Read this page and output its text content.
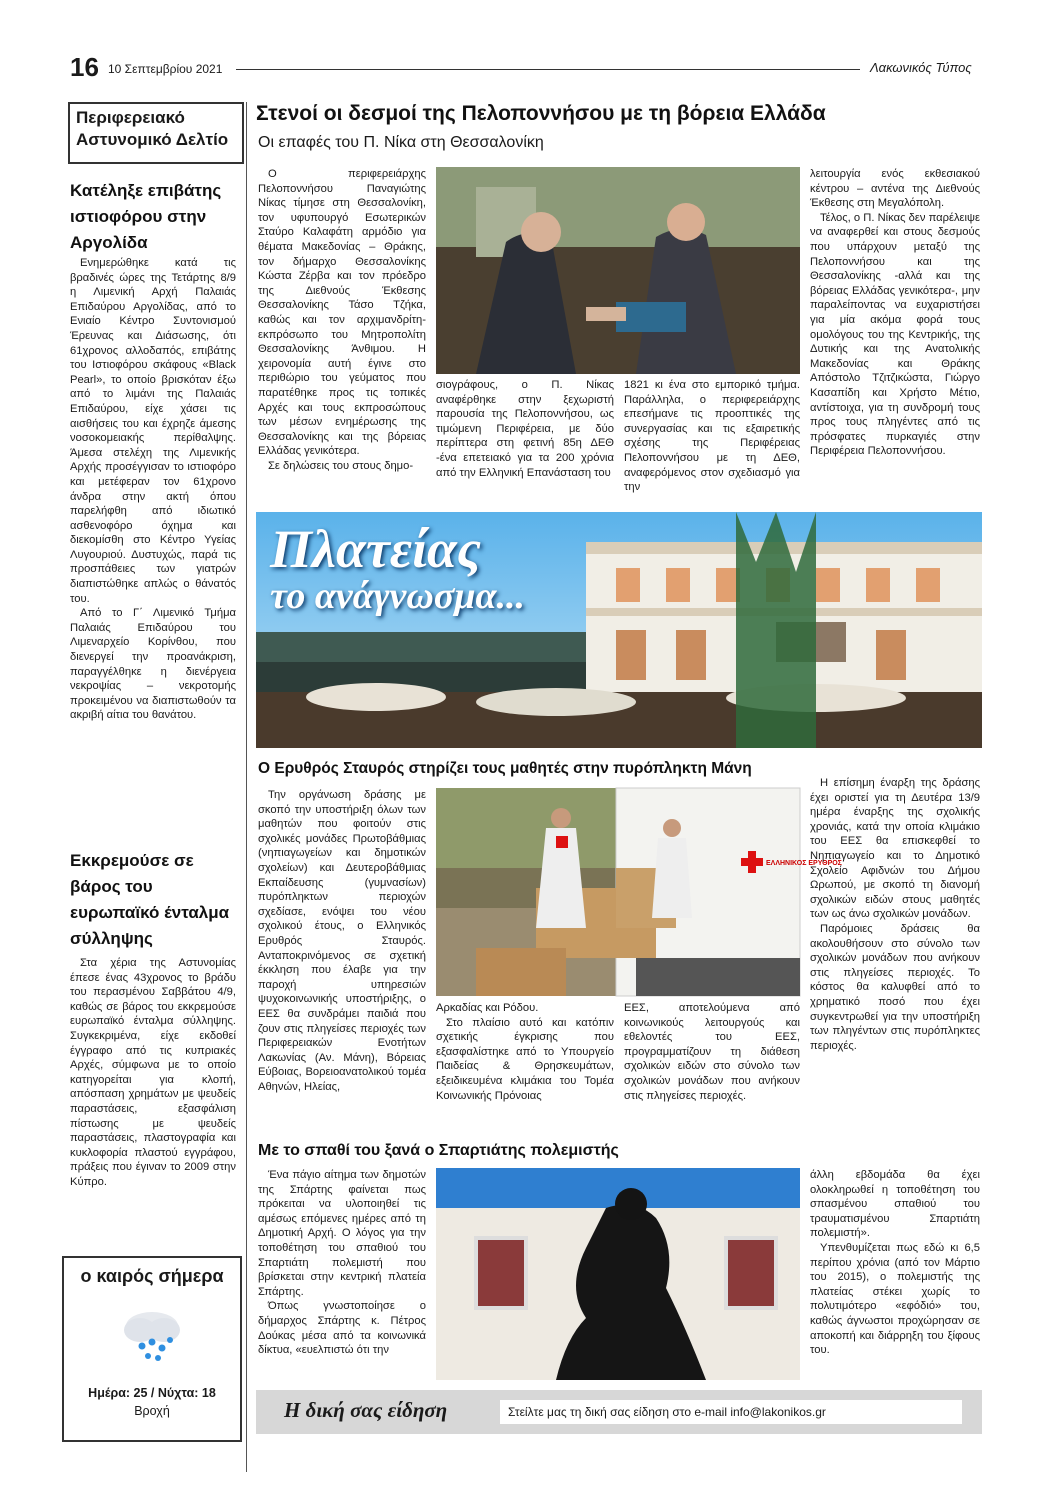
16 10 Σεπτεμβρίου 2021	Λακωνικός Τύπος
Περιφερειακό
Αστυνομικό Δελτίο
Κατέληξε επιβάτης ιστιοφόρου στην Αργολίδα

Ενημερώθηκε κατά τις βραδινές ώρες της Τετάρτης 8/9 η Λιμενική Αρχή Παλαιάς Επιδαύρου Αργολίδας, από το Ενιαίο Κέντρο Συντονισμού Έρευνας και Διάσωσης, ότι 61χρονος αλλοδαπός, επιβάτης του Ιστιοφόρου σκάφους «Black Pearl», το οποίο βρισκόταν έξω από το λιμάνι της Παλαιάς Επιδαύρου, είχε χάσει τις αισθήσεις του και έχρηζε άμεσης νοσοκομειακής περίθαλψης. Άμεσα στελέχη της Λιμενικής Αρχής προσέγγισαν το ιστιοφόρο και μετέφεραν τον 61χρονο άνδρα στην ακτή όπου παρελήφθη από ιδιωτικό ασθενοφόρο όχημα και διεκομίσθη στο Κέντρο Υγείας Λυγουριού. Δυστυχώς, παρά τις προσπάθειες των γιατρών διαπιστώθηκε απλώς ο θάνατός του.

Από το Γ΄ Λιμενικό Τμήμα Παλαιάς Επιδαύρου του Λιμεναρχείο Κορίνθου, που διενεργεί την προανάκριση, παραγγέλθηκε η διενέργεια νεκροψίας – νεκροτομής προκειμένου να διαπιστωθούν τα ακριβή αίτια του θανάτου.

Εκκρεμούσε σε βάρος του ευρωπαϊκό ένταλμα σύλληψης

Στα χέρια της Αστυνομίας έπεσε ένας 43χρονος το βράδυ του περασμένου Σαββάτου 4/9, καθώς σε βάρος του εκκρεμούσε ευρωπαϊκό ένταλμα σύλληψης. Συγκεκριμένα, είχε εκδοθεί έγγραφο από τις κυπριακές Αρχές, σύμφωνα με το οποίο κατηγορείται για κλοπή, απόσπαση χρημάτων με ψευδείς παραστάσεις, εξασφάλιση πίστωσης με ψευδείς παραστάσεις, πλαστογραφία και κυκλοφορία πλαστού εγγράφου, πράξεις που έγιναν το 2009 στην Κύπρο.

ο καιρός σήμερα
Ημέρα: 25 / Νύχτα: 18
Βροχή
Στενοί οι δεσμοί της Πελοποννήσου με τη βόρεια Ελλάδα
Οι επαφές του Π. Νίκα στη Θεσσαλονίκη

Ο περιφερειάρχης Πελοποννήσου Παναγιώτης Νίκας τίμησε στη Θεσσαλονίκη, τον υφυπουργό Εσωτερικών Σταύρο Καλαφάτη αρμόδιο για θέματα Μακεδονίας – Θράκης, τον δήμαρχο Θεσσαλονίκης Κώστα Ζέρβα και τον πρόεδρο της Διεθνούς Έκθεσης Θεσσαλονίκης Τάσο Τζήκα, καθώς και τον αρχιμανδρίτη-εκπρόσωπο του Μητροπολίτη Θεσσαλονίκης Άνθιμου. Η χειρονομία αυτή έγινε στο περιθώριο του γεύματος που παρατέθηκε προς τις τοπικές Αρχές και τους εκπροσώπους των μέσων ενημέρωσης της Θεσσαλονίκης και της βόρειας Ελλάδας γενικότερα.

Σε δηλώσεις του στους δημο-

σιογράφους, ο Π. Νίκας αναφέρθηκε στην ξεχωριστή παρουσία της Πελοποννήσου, ως τιμώμενη Περιφέρεια, με δύο περίπτερα στη φετινή 85η ΔΕΘ -ένα επετειακό για τα 200 χρόνια από την Ελληνική Επανάσταση του

1821 κι ένα στο εμπορικό τμήμα. Παράλληλα, ο περιφερειάρχης επεσήμανε τις προοπτικές της συνεργασίας και τις εξαιρετικής σχέσης της Περιφέρειας Πελοποννήσου με τη ΔΕΘ, αναφερόμενος στον σχεδιασμό για την

λειτουργία ενός εκθεσιακού κέντρου – αντένα της Διεθνούς Έκθεσης στη Μεγαλόπολη.

Τέλος, ο Π. Νίκας δεν παρέλειψε να αναφερθεί και στους δεσμούς που υπάρχουν μεταξύ της Πελοποννήσου και της Θεσσαλονίκης -αλλά και της βόρειας Ελλάδας γενικότερα-, μην παραλείποντας να ευχαριστήσει για μία ακόμα φορά τους ομολόγους του της Κεντρικής, της Δυτικής και της Ανατολικής Μακεδονίας και Θράκης Απόστολο Τζιτζικώστα, Γιώργο Κασαπίδη και Χρήστο Μέτιο, αντίστοιχα, για τη συνδρομή τους προς τους πληγέντες από τις πρόσφατες πυρκαγιές στην Περιφέρεια Πελοποννήσου.

Πλατείας
το ανάγνωσμα...
Ο Ερυθρός Σταυρός στηρίζει τους μαθητές στην πυρόπληκτη Μάνη

Την οργάνωση δράσης με σκοπό την υποστήριξη όλων των μαθητών που φοιτούν στις σχολικές μονάδες Πρωτοβάθμιας (νηπιαγωγείων και δημοτικών σχολείων) και Δευτεροβάθμιας Εκπαίδευσης (γυμνασίων) πυρόπληκτων περιοχών σχεδίασε, ενόψει του νέου σχολικού έτους, ο Ελληνικός Ερυθρός Σταυρός. Ανταποκρινόμενος σε σχετική έκκληση που έλαβε για την παροχή υπηρεσιών ψυχοκοινωνικής υποστήριξης, ο ΕΕΣ θα συνδράμει παιδιά που ζουν στις πληγείσες περιοχές των Περιφερειακών Ενοτήτων Λακωνίας (Αν. Μάνη), Βόρειας Εύβοιας, Βορειοανατολικού τομέα Αθηνών, Ηλείας,

ΕΛΛΗΝΙΚΟΣ ΕΡΥΘΡΟΣ

Αρκαδίας και Ρόδου.

Στο πλαίσιο αυτό και κατόπιν σχετικής έγκρισης που εξασφαλίστηκε από το Υπουργείο Παιδείας & Θρησκευμάτων, εξειδικευμένα κλιμάκια του Τομέα Κοινωνικής Πρόνοιας

ΕΕΣ, αποτελούμενα από κοινωνικούς λειτουργούς και εθελοντές του ΕΕΣ, προγραμματίζουν τη διάθεση σχολικών ειδών στο σύνολο των σχολικών μονάδων που ανήκουν στις πληγείσες περιοχές.

Η επίσημη έναρξη της δράσης έχει οριστεί για τη Δευτέρα 13/9 ημέρα έναρξης της σχολικής χρονιάς, κατά την οποία κλιμάκιο του ΕΕΣ θα επισκεφθεί το Νηπιαγωγείο και το Δημοτικό Σχολείο Αφιδνών του Δήμου Ωρωπού, με σκοπό τη διανομή σχολικών ειδών στους μαθητές των ως άνω σχολικών μονάδων.

Παρόμοιες δράσεις θα ακολουθήσουν στο σύνολο των σχολικών μονάδων που ανήκουν στις πληγείσες περιοχές. Το κόστος θα καλυφθεί από το χρηματικό ποσό που έχει συγκεντρωθεί για την υποστήριξη των πληγέντων στις πυρόπληκτες περιοχές.

Με το σπαθί του ξανά ο Σπαρτιάτης πολεμιστής

Ένα πάγιο αίτημα των δημοτών της Σπάρτης φαίνεται πως πρόκειται να υλοποιηθεί τις αμέσως επόμενες ημέρες από τη Δημοτική Αρχή. Ο λόγος για την τοποθέτηση του σπαθιού του Σπαρτιάτη πολεμιστή που βρίσκεται στην κεντρική πλατεία Σπάρτης.

Όπως γνωστοποίησε ο δήμαρχος Σπάρτης κ. Πέτρος Δούκας μέσα από τα κοινωνικά δίκτυα, «ευελπιστώ ότι την

άλλη εβδομάδα θα έχει ολοκληρωθεί η τοποθέτηση του σπασμένου σπαθιού του τραυματισμένου Σπαρτιάτη πολεμιστή».

Υπενθυμίζεται πως εδώ κι 6,5 περίπου χρόνια (από τον Μάρτιο του 2015), ο πολεμιστής της πλατείας στέκει χωρίς το πολυτιμότερο «εφόδιό» του, καθώς άγνωστοι προχώρησαν σε αποκοπή και διάρρηξη του ξίφους του.

Η δική σας είδηση	Στείλτε μας τη δική σας είδηση στο e-mail info@lakonikos.gr
